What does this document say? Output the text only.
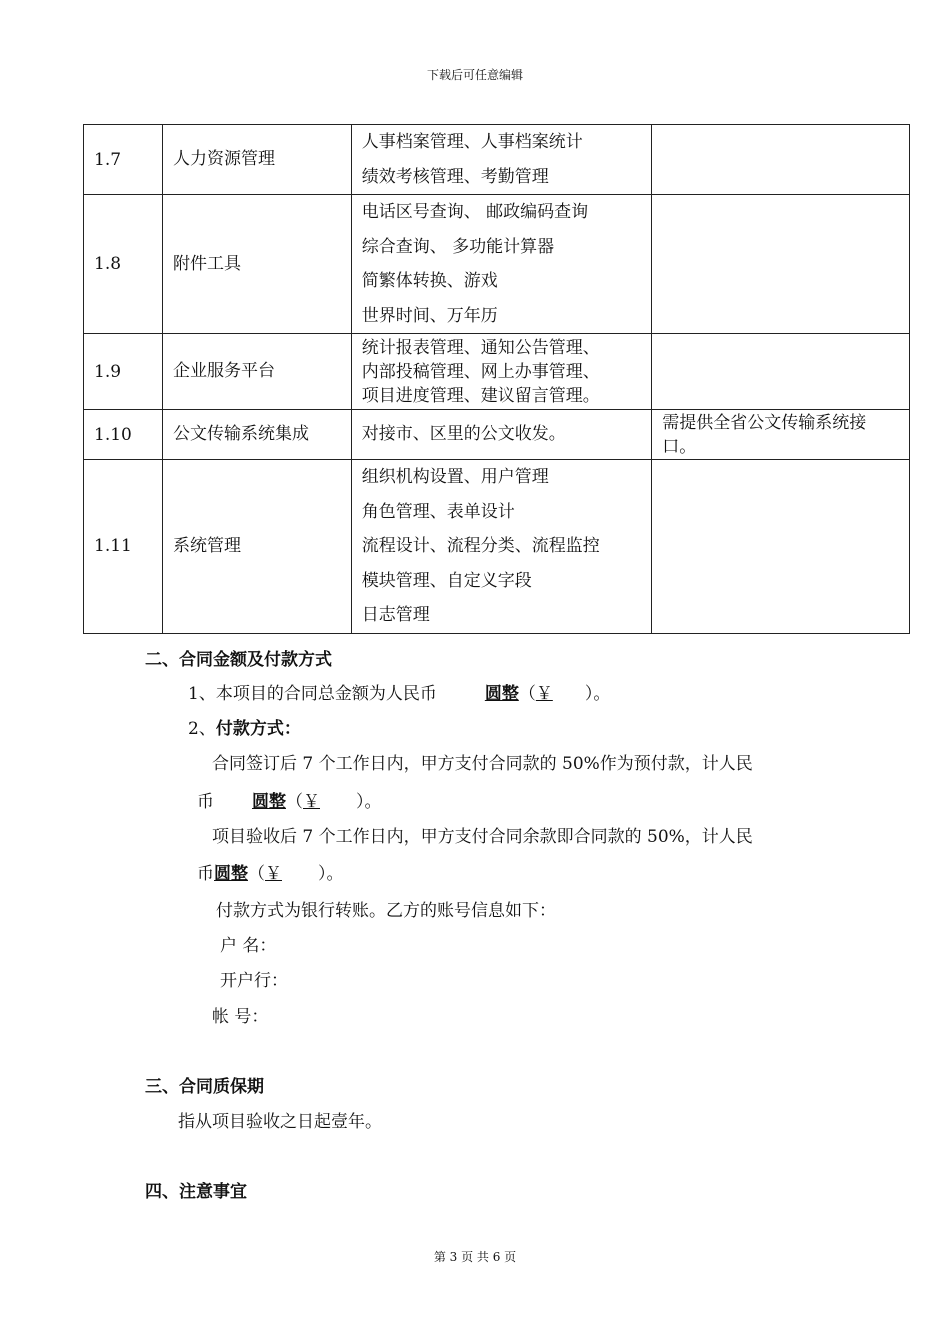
下载后可任意编辑
1.7	人力资源管理	人事档案管理、人事档案统计
绩效考核管理、考勤管理	

1.8	附件工具	电话区号查询、 邮政编码查询
综合查询、 多功能计算器
简繁体转换、游戏
世界时间、万年历	

1.9	企业服务平台	统计报表管理、通知公告管理、
内部投稿管理、网上办事管理、
项目进度管理、建议留言管理。	

1.10	公文传输系统集成	对接市、区里的公文收发。	需提供全省公文传输系统接
口。

1.11	系统管理	组织机构设置、用户管理
角色管理、表单设计
流程设计、流程分类、流程监控
模块管理、自定义字段
日志管理	

二、合同金额及付款方式
1、本项目的合同总金额为人民币	圆整（￥ ）。
2、付款方式：
合同签订后 7 个工作日内，甲方支付合同款的 50%作为预付款，计人民
币 圆整（￥ ）。
项目验收后 7 个工作日内，甲方支付合同余款即合同款的 50%，计人民
币圆整（￥ ）。
付款方式为银行转账。乙方的账号信息如下：
户 名：
开户行：
帐 号：
三、合同质保期
指从项目验收之日起壹年。
四、注意事宜
第 3 页 共 6 页
